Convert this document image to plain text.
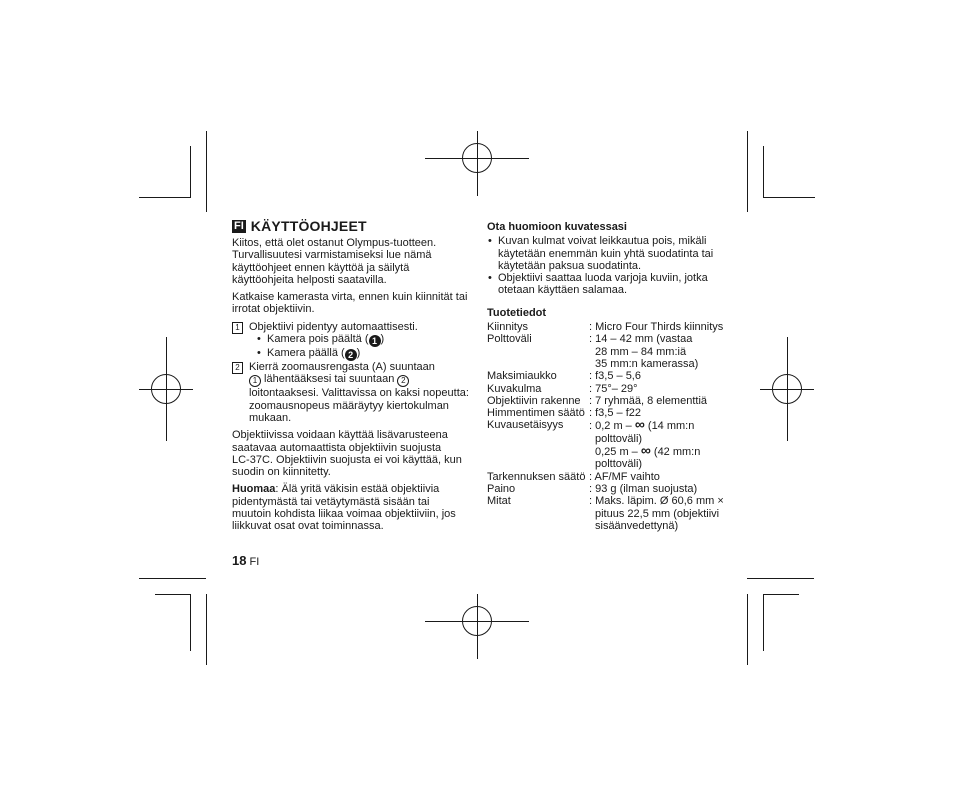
FI KÄYTTÖOHJEET

Kiitos, että olet ostanut Olympus-tuotteen.
Turvallisuutesi varmistamiseksi lue nämä
käyttöohjeet ennen käyttöä ja säilytä
käyttöohjeita helposti saatavilla.

Katkaise kamerasta virta, ennen kuin kiinnität tai
irrotat objektiivin.

1 Objektiivi pidentyy automaattisesti.
• Kamera pois päältä ( 1 )
• Kamera päällä ( 2 )
2 Kierrä zoomausrengasta (A) suuntaan
1 lähentääksesi tai suuntaan 2
loitontaaksesi. Valittavissa on kaksi nopeutta:
zoomausnopeus määräytyy kiertokulman
mukaan.

Objektiivissa voidaan käyttää lisävarusteena
saatavaa automaattista objektiivin suojusta
LC-37C. Objektiivin suojusta ei voi käyttää, kun
suodin on kiinnitetty.

Huomaa: Älä yritä väkisin estää objektiivia
pidentymästä tai vetäytymästä sisään tai
muutoin kohdista liikaa voimaa objektiiviin, jos
liikkuvat osat ovat toiminnassa.

18 FI
Ota huomioon kuvatessasi
• Kuvan kulmat voivat leikkautua pois, mikäli
käytetään enemmän kuin yhtä suodatinta tai
käytetään paksua suodatinta.
• Objektiivi saattaa luoda varjoja kuviin, jotka
otetaan käyttäen salamaa.
Tuotetiedot
Kiinnitys	: Micro Four Thirds kiinnitys
Polttoväli	: 14 – 42 mm (vastaa
28 mm – 84 mm:iä
35 mm:n kamerassa)
Maksimiaukko	: f3,5 – 5,6
Kuvakulma	: 75°– 29°
Objektiivin rakenne : 7 ryhmää, 8 elementtiä
Himmentimen säätö : f3,5 – f22
Kuvausetäisyys	: 0,2 m – ∞ (14 mm:n
polttoväli)
0,25 m – ∞ (42 mm:n
polttoväli)
Tarkennuksen säätö : AF/MF vaihto
Paino	: 93 g (ilman suojusta)
Mitat	: Maks. läpim. Ø 60,6 mm ×
pituus 22,5 mm (objektiivi
sisäänvedettynä)
